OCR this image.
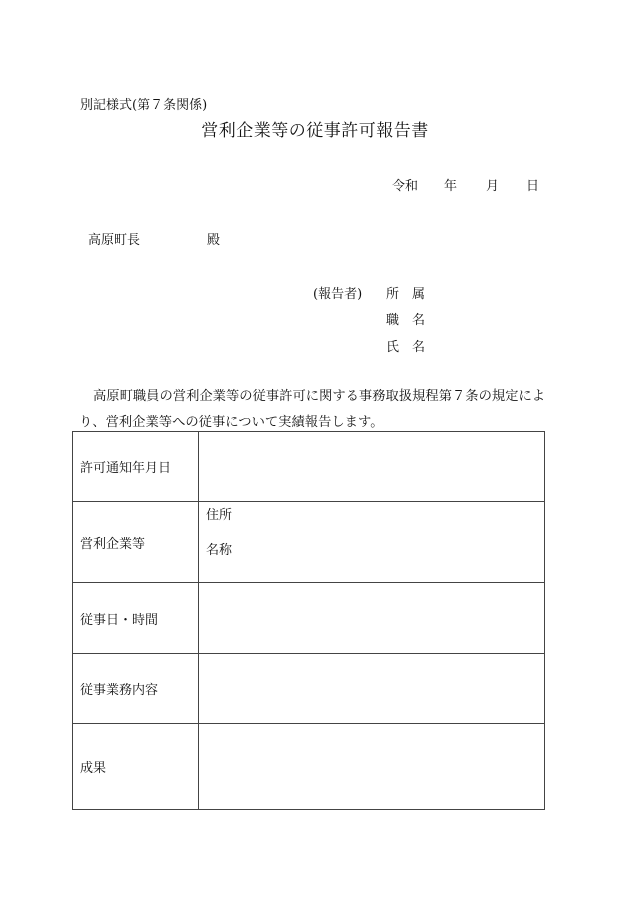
別記様式(第７条関係)
営利企業等の従事許可報告書
令和 年 月 日
高原町長	殿
(報告者) 所 属
職 名
氏 名
高原町職員の営利企業等の従事許可に関する事務取扱規程第７条の規定によ
り、営利企業等への従事について実績報告します。
許可通知年月日	
営利企業等	住所
名称

従事日・時間	
従事業務内容	
成果	
